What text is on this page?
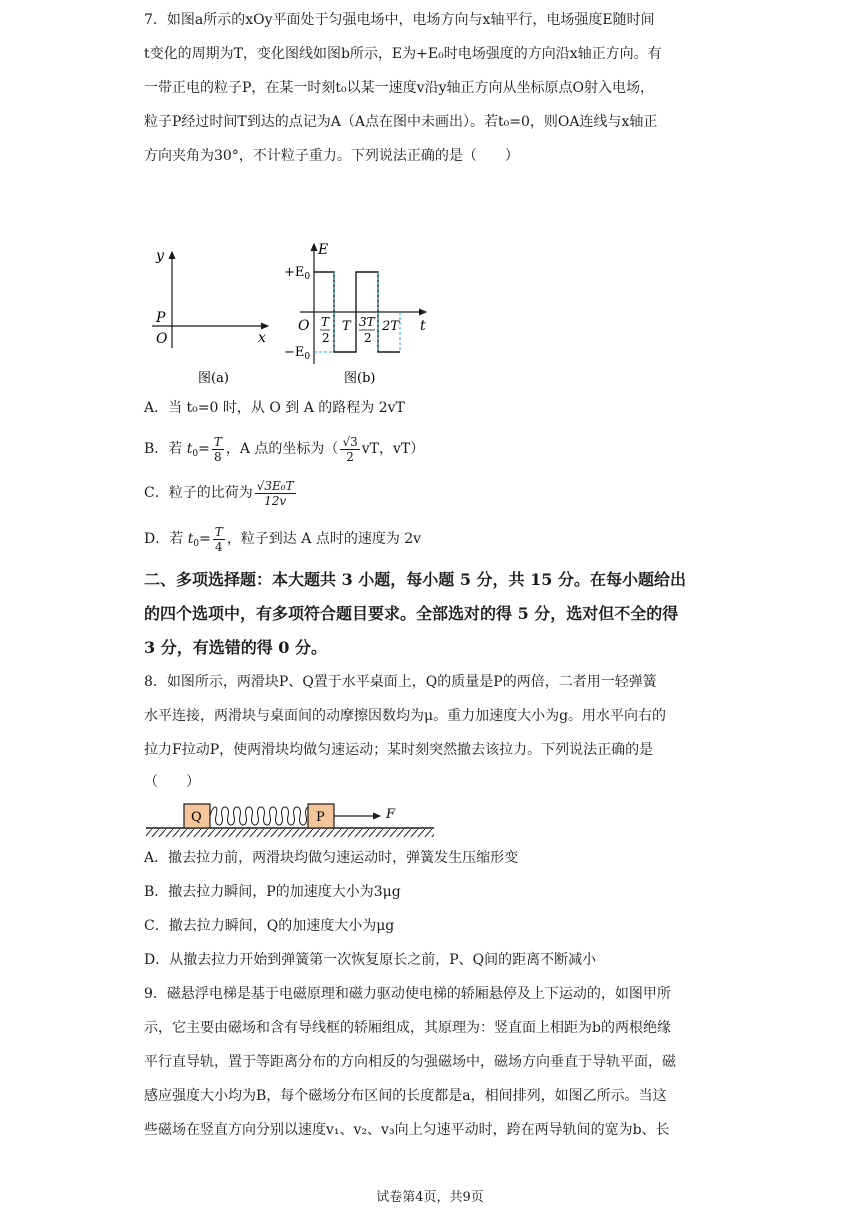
7．如图a所示的xOy平面处于匀强电场中，电场方向与x轴平行，电场强度E随时间
t变化的周期为T，变化图线如图b所示，E为+E₀时电场强度的方向沿x轴正方向。有
一带正电的粒子P，在某一时刻t₀以某一速度v沿y轴正方向从坐标原点O射入电场，
粒子P经过时间T到达的点记为A（A点在图中未画出）。若t₀=0，则OA连线与x轴正
方向夹角为30°，不计粒子重力。下列说法正确的是（　　）
y
x
P
O
图(a)
E
$+E_0$
$-E_0$
O	t
T
2
T 3T
2
2T
图(b)
A．当 t₀=0 时，从 O 到 A 的路程为 2vT
B．若 $t_0= \frac{T}{8}$ ，A 点的坐标为（ $\frac{√3}{2}$ vT，vT）
C．粒子的比荷为 $\frac{\text{√3E₀T}}{12v}$
D．若 $t_0= \frac{T}{4}$ ，粒子到达 A 点时的速度为 2v
二、多项选择题：本大题共 3 小题，每小题 5 分，共 15 分。在每小题给出
的四个选项中，有多项符合题目要求。全部选对的得 5 分，选对但不全的得
3 分，有选错的得 0 分。
8．如图所示，两滑块P、Q置于水平桌面上，Q的质量是P的两倍，二者用一轻弹簧
水平连接，两滑块与桌面间的动摩擦因数均为μ。重力加速度大小为g。用水平向右的
拉力F拉动P，使两滑块均做匀速运动；某时刻突然撤去该拉力。下列说法正确的是
（　　）
Q	P	F
A．撤去拉力前，两滑块均做匀速运动时，弹簧发生压缩形变
B．撤去拉力瞬间，P的加速度大小为3μg
C．撤去拉力瞬间，Q的加速度大小为μg
D．从撤去拉力开始到弹簧第一次恢复原长之前，P、Q间的距离不断减小
9．磁悬浮电梯是基于电磁原理和磁力驱动使电梯的轿厢悬停及上下运动的，如图甲所
示，它主要由磁场和含有导线框的轿厢组成，其原理为：竖直面上相距为b的两根绝缘
平行直导轨，置于等距离分布的方向相反的匀强磁场中，磁场方向垂直于导轨平面，磁
感应强度大小均为B，每个磁场分布区间的长度都是a，相间排列，如图乙所示。当这
些磁场在竖直方向分别以速度v₁、v₂、v₃向上匀速平动时，跨在两导轨间的宽为b、长
试卷第4页，共9页
